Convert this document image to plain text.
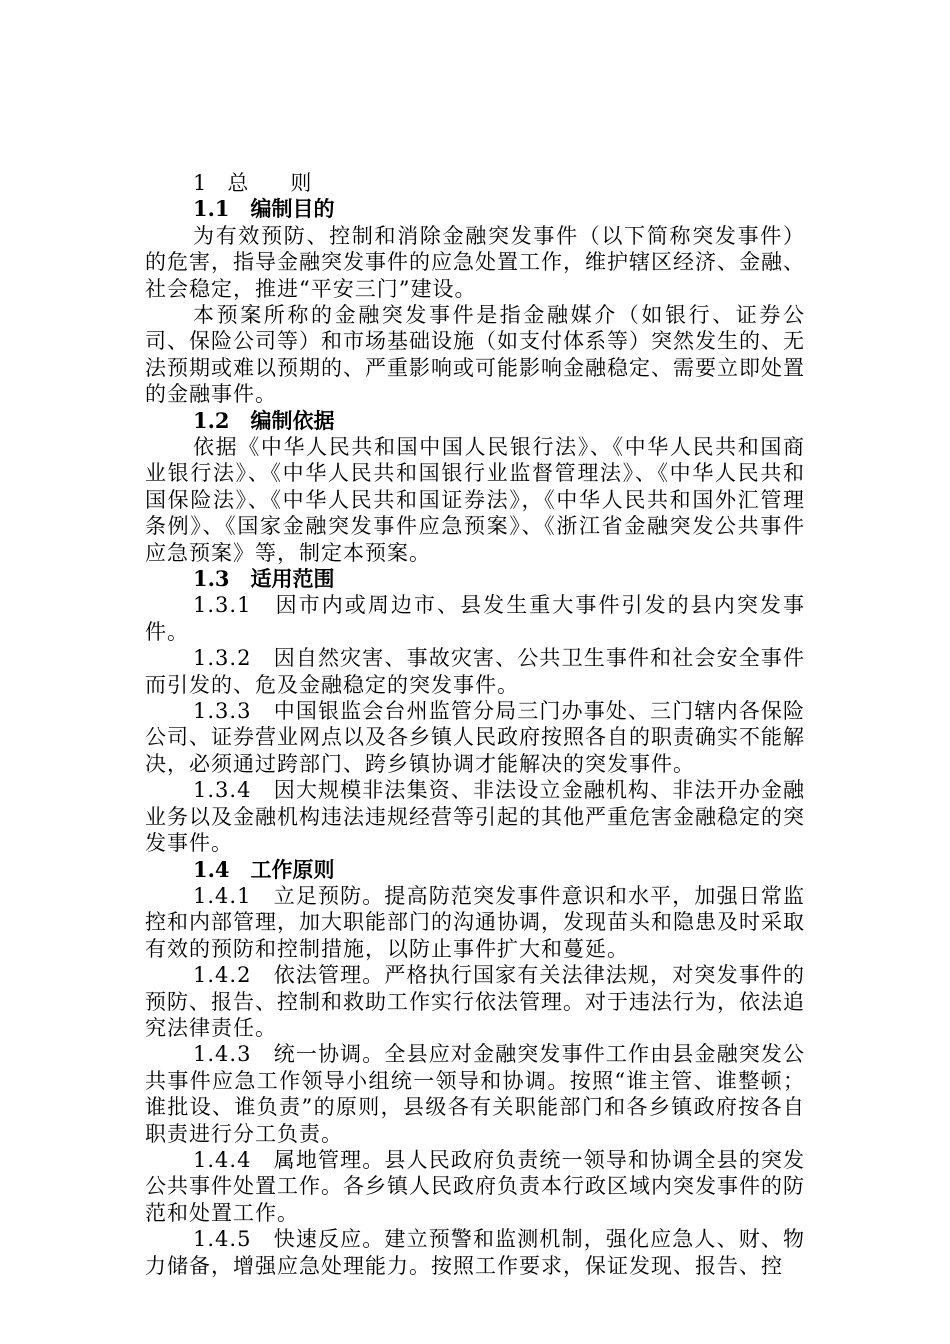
1　总　　则

1.1　编制目的

为有效预防、控制和消除金融突发事件（以下简称突发事件）的危害，指导金融突发事件的应急处置工作，维护辖区经济、金融、社会稳定，推进“平安三门”建设。

本预案所称的金融突发事件是指金融媒介（如银行、证券公司、保险公司等）和市场基础设施（如支付体系等）突然发生的、无法预期或难以预期的、严重影响或可能影响金融稳定、需要立即处置的金融事件。

1.2　编制依据

依据《中华人民共和国中国人民银行法》、《中华人民共和国商业银行法》、《中华人民共和国银行业监督管理法》、《中华人民共和国保险法》、《中华人民共和国证券法》，《中华人民共和国外汇管理条例》、《国家金融突发事件应急预案》、《浙江省金融突发公共事件应急预案》等，制定本预案。

1.3　适用范围

1.3.1　因市内或周边市、县发生重大事件引发的县内突发事件。

1.3.2　因自然灾害、事故灾害、公共卫生事件和社会安全事件而引发的、危及金融稳定的突发事件。

1.3.3　中国银监会台州监管分局三门办事处、三门辖内各保险公司、证券营业网点以及各乡镇人民政府按照各自的职责确实不能解决，必须通过跨部门、跨乡镇协调才能解决的突发事件。

1.3.4　因大规模非法集资、非法设立金融机构、非法开办金融业务以及金融机构违法违规经营等引起的其他严重危害金融稳定的突发事件。

1.4　工作原则

1.4.1　立足预防。提高防范突发事件意识和水平，加强日常监控和内部管理，加大职能部门的沟通协调，发现苗头和隐患及时采取有效的预防和控制措施，以防止事件扩大和蔓延。

1.4.2　依法管理。严格执行国家有关法律法规，对突发事件的预防、报告、控制和救助工作实行依法管理。对于违法行为，依法追究法律责任。

1.4.3　统一协调。全县应对金融突发事件工作由县金融突发公共事件应急工作领导小组统一领导和协调。按照“谁主管、谁整顿；谁批设、谁负责”的原则，县级各有关职能部门和各乡镇政府按各自职责进行分工负责。

1.4.4　属地管理。县人民政府负责统一领导和协调全县的突发公共事件处置工作。各乡镇人民政府负责本行政区域内突发事件的防范和处置工作。

1.4.5　快速反应。建立预警和监测机制，强化应急人、财、物力储备，增强应急处理能力。按照工作要求，保证发现、报告、控
